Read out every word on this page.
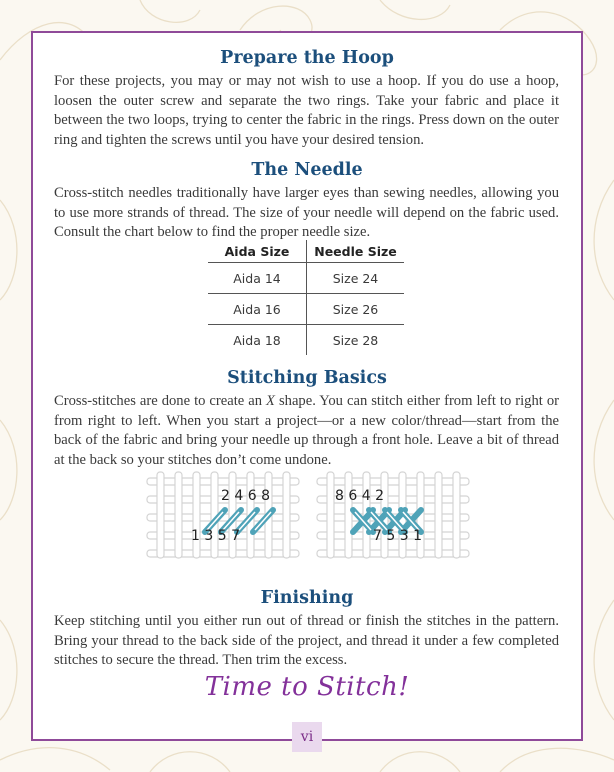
Prepare the Hoop

For these projects, you may or may not wish to use a hoop. If you do use a hoop, loosen the outer screw and separate the two rings. Take your fabric and place it between the two loops, trying to center the fabric in the rings. Press down on the outer ring and tighten the screws until you have your desired tension.

The Needle

Cross-stitch needles traditionally have larger eyes than sewing needles, allowing you to use more strands of thread. The size of your needle will depend on the fabric used. Consult the chart below to find the proper needle size.

Aida Size	Needle Size
Aida 14	Size 24
Aida 16	Size 26
Aida 18	Size 28
Stitching Basics

Cross-stitches are done to create an X shape. You can stitch either from left to right or from right to left. When you start a project—or a new color/thread—start from the back of the fabric and bring your needle up through a front hole. Leave a bit of thread at the back so your stitches don’t come undone.

2 4 6 8
1 3 5 7
8 6 4 2
7 5 3 1
Finishing

Keep stitching until you either run out of thread or finish the stitches in the pattern. Bring your thread to the back side of the project, and thread it under a few completed stitches to secure the thread. Then trim the excess.

Time to Stitch!
vi
